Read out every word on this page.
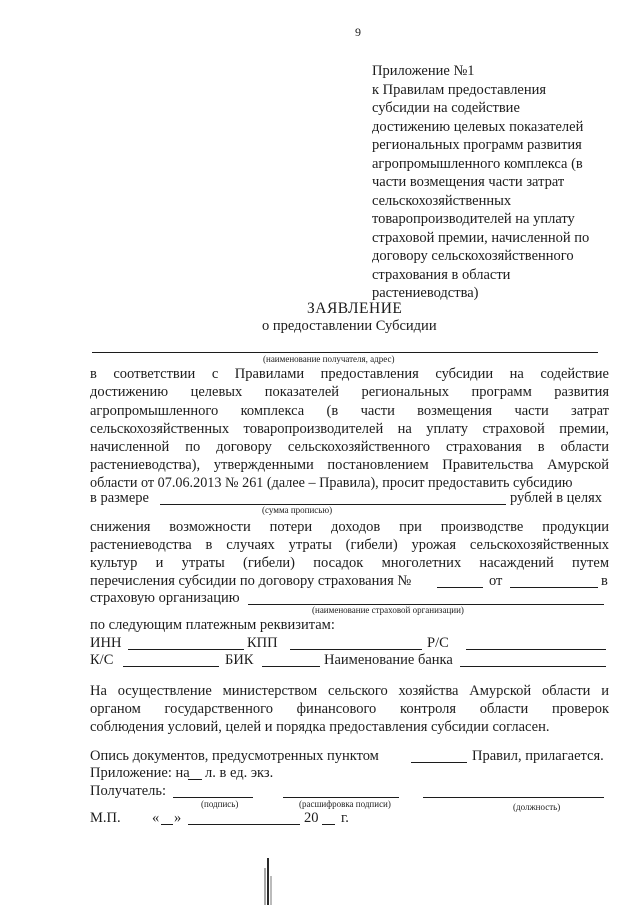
9
Приложение №1
к Правилам предоставления
субсидии на содействие
достижению целевых показателей
региональных программ развития
агропромышленного комплекса (в
части возмещения части затрат
сельскохозяйственных
товаропроизводителей на уплату
страховой премии, начисленной по
договору сельскохозяйственного
страхования в области
растениеводства)
ЗАЯВЛЕНИЕ
о предоставлении Субсидии
(наименование получателя, адрес)
в соответствии с Правилами предоставления субсидии на содействие
достижению целевых показателей региональных программ развития
агропромышленного комплекса (в части возмещения части затрат
сельскохозяйственных товаропроизводителей на уплату страховой премии,
начисленной по договору сельскохозяйственного страхования в области
растениеводства), утвержденными постановлением Правительства Амурской
области от 07.06.2013 № 261 (далее – Правила), просит предоставить субсидию
в размере	рублей в целях
(сумма прописью)
снижения возможности потери доходов при производстве продукции
растениеводства в случаях утраты (гибели) урожая сельскохозяйственных
культур и утраты (гибели) посадок многолетних насаждений путем
перечисления субсидии по договору страхования №	от	в
страховую организацию
(наименование страховой организации)
по следующим платежным реквизитам:
ИНН	КПП	Р/С
К/С	БИК	Наименование банка
На осуществление министерством сельского хозяйства Амурской области и
органом государственного финансового контроля области проверок
соблюдения условий, целей и порядка предоставления субсидии согласен.
Опись документов, предусмотренных пунктом	Правил, прилагается.
Приложение: на л. в ед. экз.
Получатель:
(подпись)	(расшифровка подписи)	(должность)
М.П. « »	20 г.
